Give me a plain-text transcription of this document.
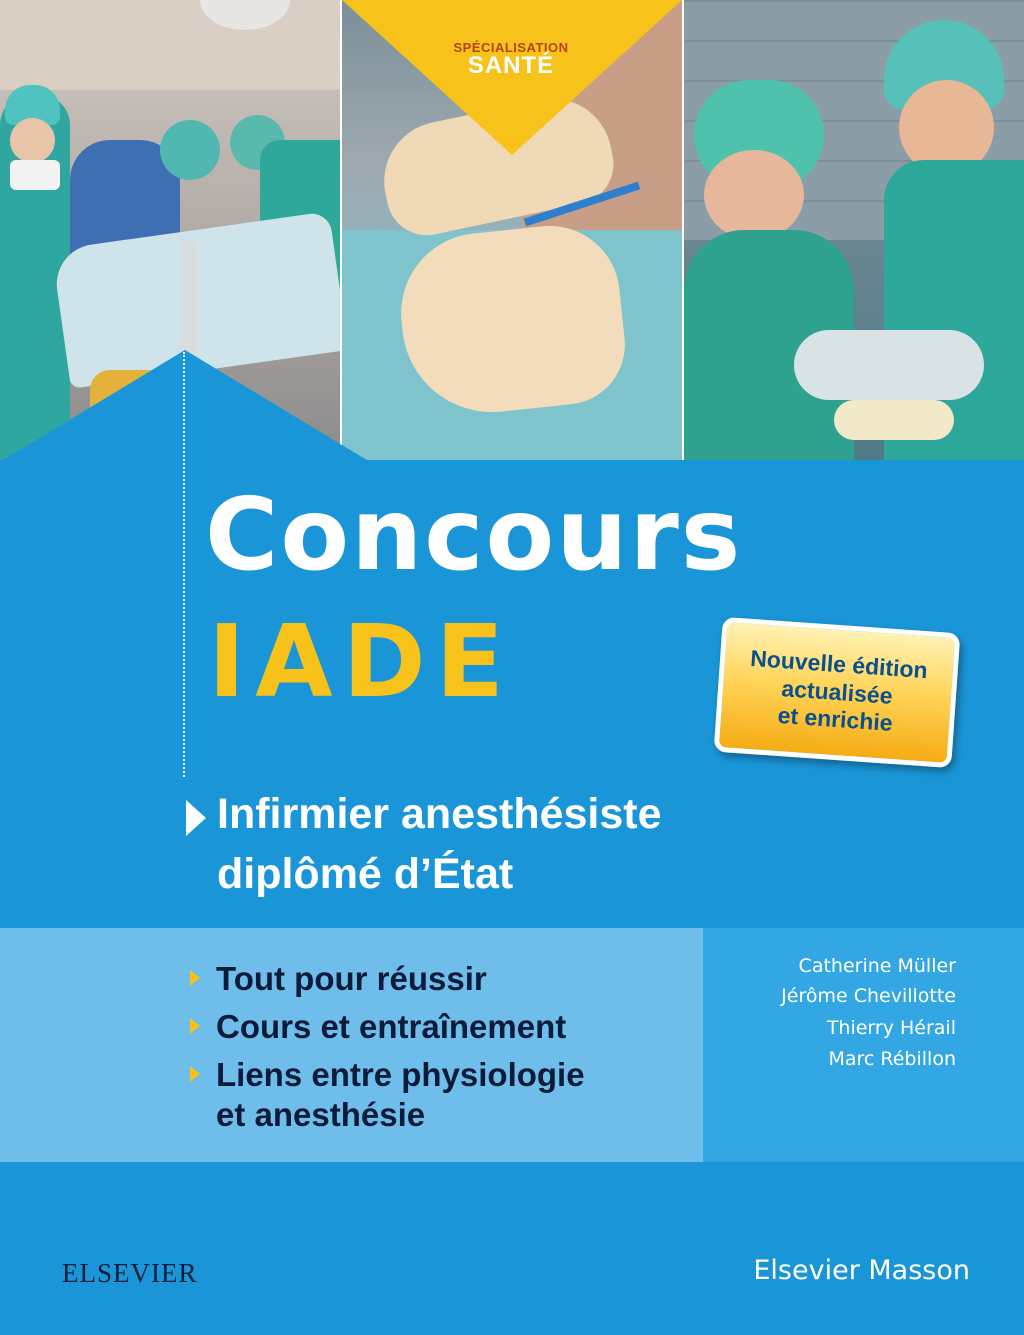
SPÉCIALISATION
SANTÉ
Concours
IADE	Nouvelle édition
actualisée
et enrichie
Infirmier anesthésiste
diplômé d’État
Tout pour réussir
Cours et entraînement
Liens entre physiologie
et anesthésie
Catherine Müller
Jérôme Chevillotte
Thierry Hérail
Marc Rébillon
ELSEVIER	Elsevier Masson
